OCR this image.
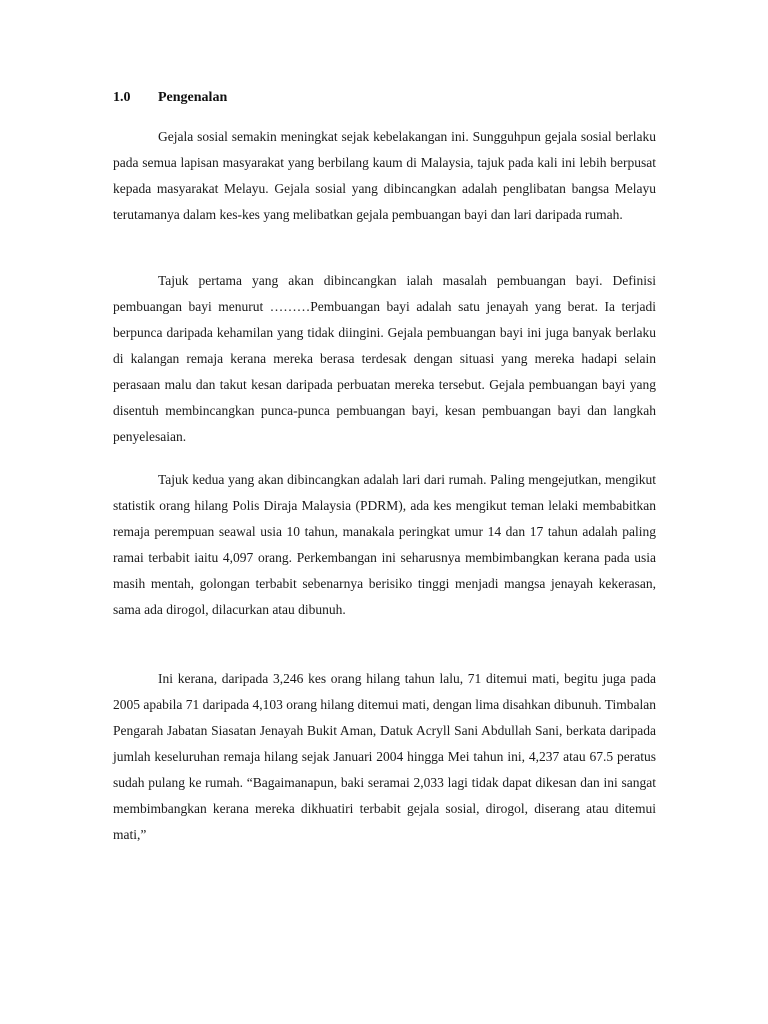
1.0	Pengenalan

Gejala sosial semakin meningkat sejak kebelakangan ini. Sungguhpun gejala sosial berlaku pada semua lapisan masyarakat yang berbilang kaum di Malaysia, tajuk pada kali ini lebih berpusat kepada masyarakat Melayu. Gejala sosial yang dibincangkan adalah penglibatan bangsa Melayu terutamanya dalam kes-kes yang melibatkan gejala pembuangan bayi dan lari daripada rumah.

Tajuk pertama yang akan dibincangkan ialah masalah pembuangan bayi. Definisi pembuangan bayi menurut ………Pembuangan bayi adalah satu jenayah yang berat. Ia terjadi berpunca daripada kehamilan yang tidak diingini. Gejala pembuangan bayi ini juga banyak berlaku di kalangan remaja kerana mereka berasa terdesak dengan situasi yang mereka hadapi selain perasaan malu dan takut kesan daripada perbuatan mereka tersebut. Gejala pembuangan bayi yang disentuh membincangkan punca-punca pembuangan bayi, kesan pembuangan bayi dan langkah penyelesaian.

Tajuk kedua yang akan dibincangkan adalah lari dari rumah. Paling mengejutkan, mengikut statistik orang hilang Polis Diraja Malaysia (PDRM), ada kes mengikut teman lelaki membabitkan remaja perempuan seawal usia 10 tahun, manakala peringkat umur 14 dan 17 tahun adalah paling ramai terbabit iaitu 4,097 orang. Perkembangan ini seharusnya membimbangkan kerana pada usia masih mentah, golongan terbabit sebenarnya berisiko tinggi menjadi mangsa jenayah kekerasan, sama ada dirogol, dilacurkan atau dibunuh.

Ini kerana, daripada 3,246 kes orang hilang tahun lalu, 71 ditemui mati, begitu juga pada 2005 apabila 71 daripada 4,103 orang hilang ditemui mati, dengan lima disahkan dibunuh. Timbalan Pengarah Jabatan Siasatan Jenayah Bukit Aman, Datuk Acryll Sani Abdullah Sani, berkata daripada jumlah keseluruhan remaja hilang sejak Januari 2004 hingga Mei tahun ini, 4,237 atau 67.5 peratus sudah pulang ke rumah. “Bagaimanapun, baki seramai 2,033 lagi tidak dapat dikesan dan ini sangat membimbangkan kerana mereka dikhuatiri terbabit gejala sosial, dirogol, diserang atau ditemui mati,”
